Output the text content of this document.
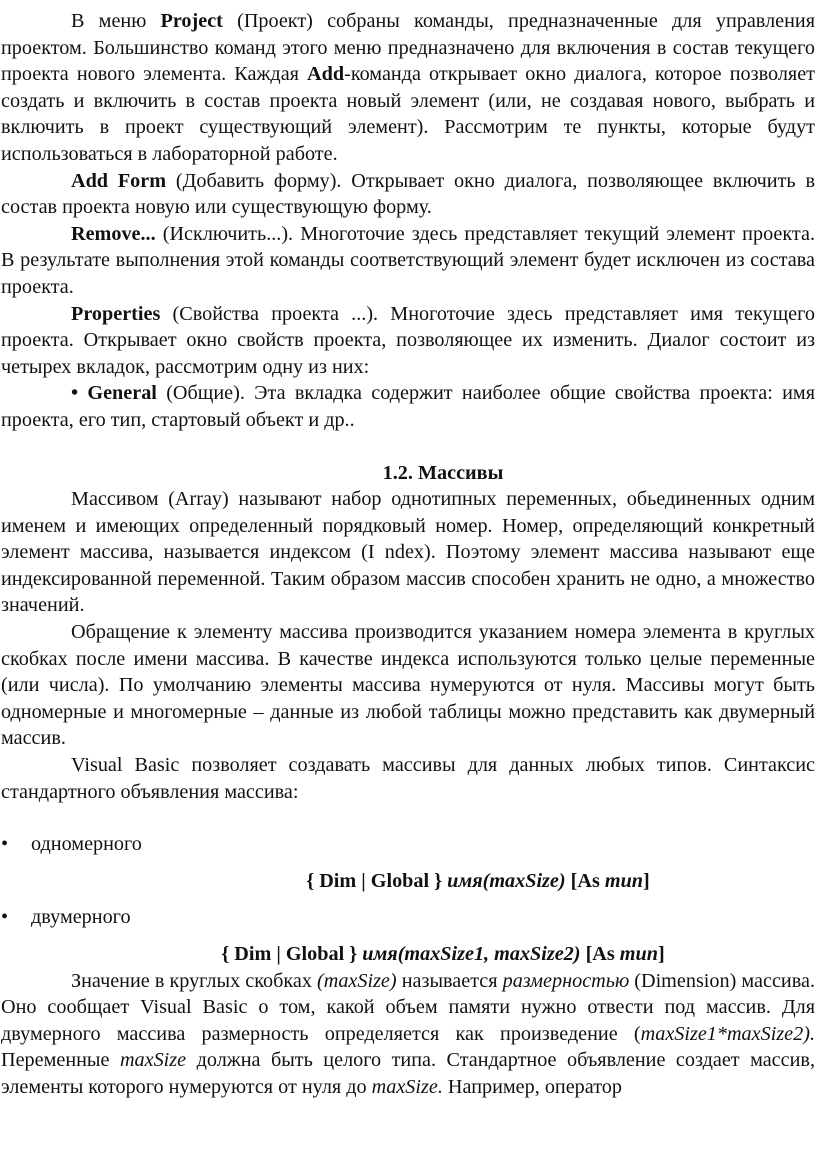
В меню Project (Проект) собраны команды, предназначенные для управления проектом. Большинство команд этого меню предназначено для включения в состав текущего проекта нового элемента. Каждая Add-команда открывает окно диалога, которое позволяет создать и включить в состав проекта новый элемент (или, не создавая нового, выбрать и включить в проект существующий элемент). Рассмотрим те пункты, которые будут использоваться в лабораторной работе.

Add Form (Добавить форму). Открывает окно диалога, позволяющее включить в состав проекта новую или существующую форму.

Remove... (Исключить...). Многоточие здесь представляет текущий элемент проекта. В результате выполнения этой команды соответствующий элемент будет исключен из состава проекта.

Properties (Свойства проекта ...). Многоточие здесь представляет имя текущего проекта. Открывает окно свойств проекта, позволяющее их изменить. Диалог состоит из четырех вкладок, рассмотрим одну из них:

• General (Общие). Эта вкладка содержит наиболее общие свойства проекта: имя проекта, его тип, стартовый объект и др..

1.2. Массивы

Массивом (Array) называют набор однотипных переменных, обьединенных одним именем и имеющих определенный порядковый номер. Номер, определяющий конкретный элемент массива, называется индексом (I ndex). Поэтому элемент массива называют еще индексированной переменной. Таким образом массив способен хранить не одно, а множество значений.

Обращение к элементу массива производится указанием номера элемента в круглых скобках после имени массива. В качестве индекса используются только целые переменные (или числа). По умолчанию элементы массива нумеруются от нуля. Массивы могут быть одномерные и многомерные – данные из любой таблицы можно представить как двумерный массив.

Visual Basic позволяет создавать массивы для данных любых типов. Синтаксис стандартного объявления массива:

• одномерного

{ Dim | Global } имя(maxSize) [As тип]

• двумерного

{ Dim | Global } имя(maxSize1, maxSize2) [As тип]

Значение в круглых скобках (maxSize) называется размерностью (Dimension) массива. Оно сообщает Visual Basic о том, какой объем памяти нужно отвести под массив. Для двумерного массива размерность определяется как произведение (maxSize1*maxSize2). Переменные maxSize должна быть целого типа. Стандартное объявление создает массив, элементы которого нумеруются от нуля до maxSize. Например, оператор
